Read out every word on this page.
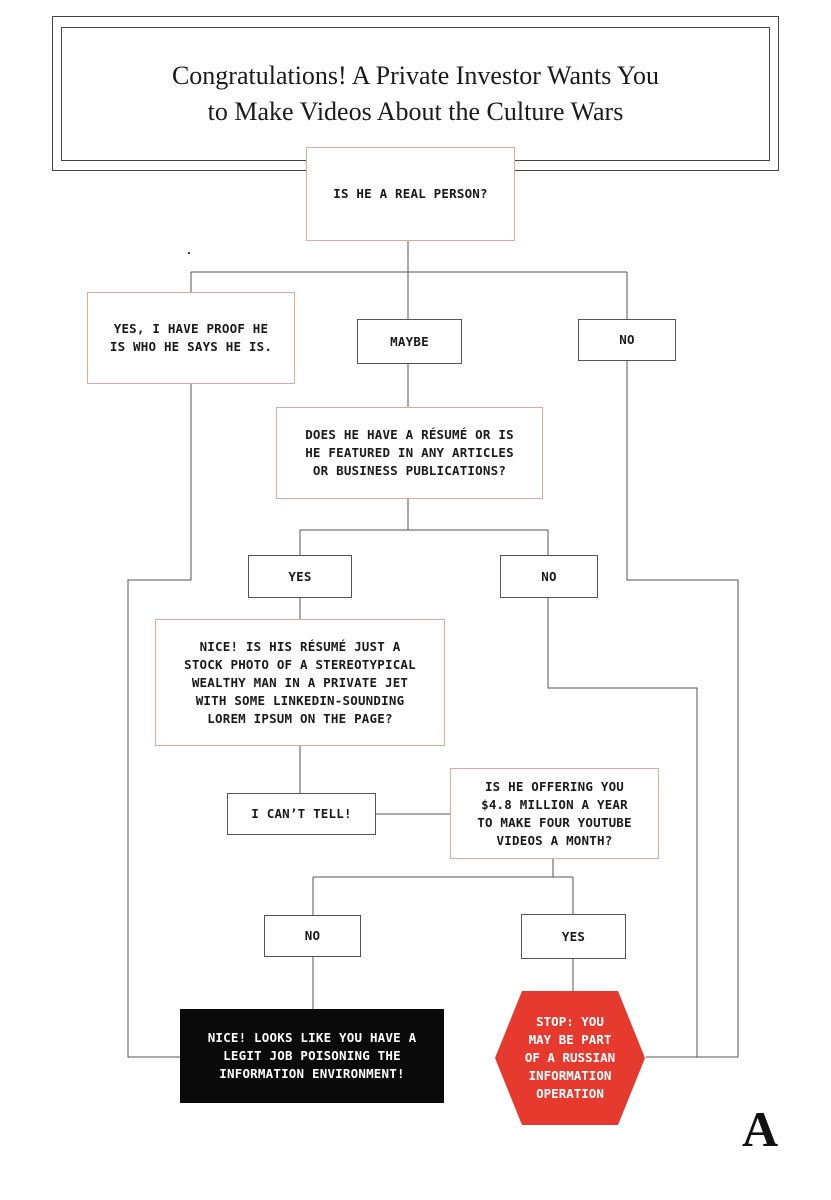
Congratulations! A Private Investor Wants You
to Make Videos About the Culture Wars
IS HE A REAL PERSON?
YES, I HAVE PROOF HE
IS WHO HE SAYS HE IS.	MAYBE	NO
DOES HE HAVE A RÉSUMÉ OR IS
HE FEATURED IN ANY ARTICLES
OR BUSINESS PUBLICATIONS?
YES	NO
NICE! IS HIS RÉSUMÉ JUST A
STOCK PHOTO OF A STEREOTYPICAL
WEALTHY MAN IN A PRIVATE JET
WITH SOME LINKEDIN-SOUNDING
LOREM IPSUM ON THE PAGE?
I CAN’T TELL!
IS HE OFFERING YOU
$4.8 MILLION A YEAR
TO MAKE FOUR YOUTUBE
VIDEOS A MONTH?
NO	YES
NICE! LOOKS LIKE YOU HAVE A
LEGIT JOB POISONING THE
INFORMATION ENVIRONMENT!
STOP: YOU
MAY BE PART
OF A RUSSIAN
INFORMATION
OPERATION
A
